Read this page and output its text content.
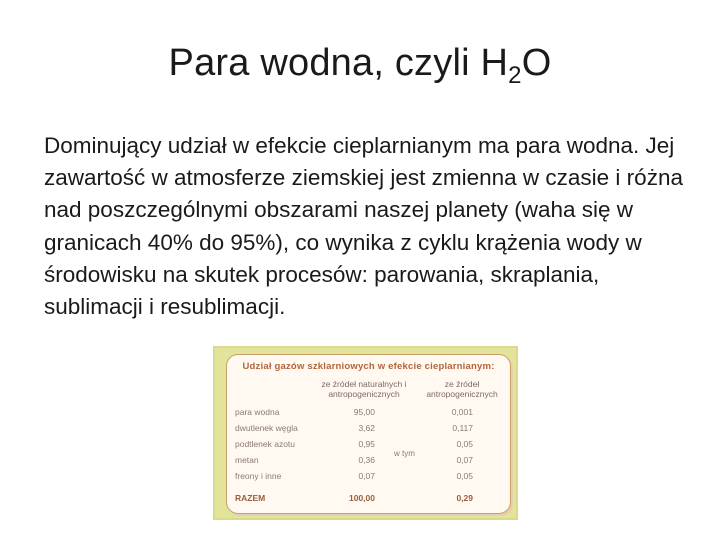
Para wodna, czyli $H_2O$

Dominujący udział w efekcie cieplarnianym ma para wodna. Jej zawartość w atmosferze ziemskiej jest zmienna w czasie i różna nad poszczególnymi obszarami naszej planety (waha się w granicach 40% do 95%), co wynika z cyklu krążenia wody w środowisku na skutek procesów: parowania, skraplania, sublimacji i resublimacji.

Udział gazów szklarniowych w efekcie cieplarnianym:
ze źródeł naturalnych i antropogenicznych
ze źródeł antropogenicznych
para wodna	95,00	0,001
dwutlenek węgla	3,62	0,117
podtlenek azotu	0,95	0,05
metan	0,36	0,07
freony i inne	0,07	0,05
w tym
RAZEM	100,00	0,29
